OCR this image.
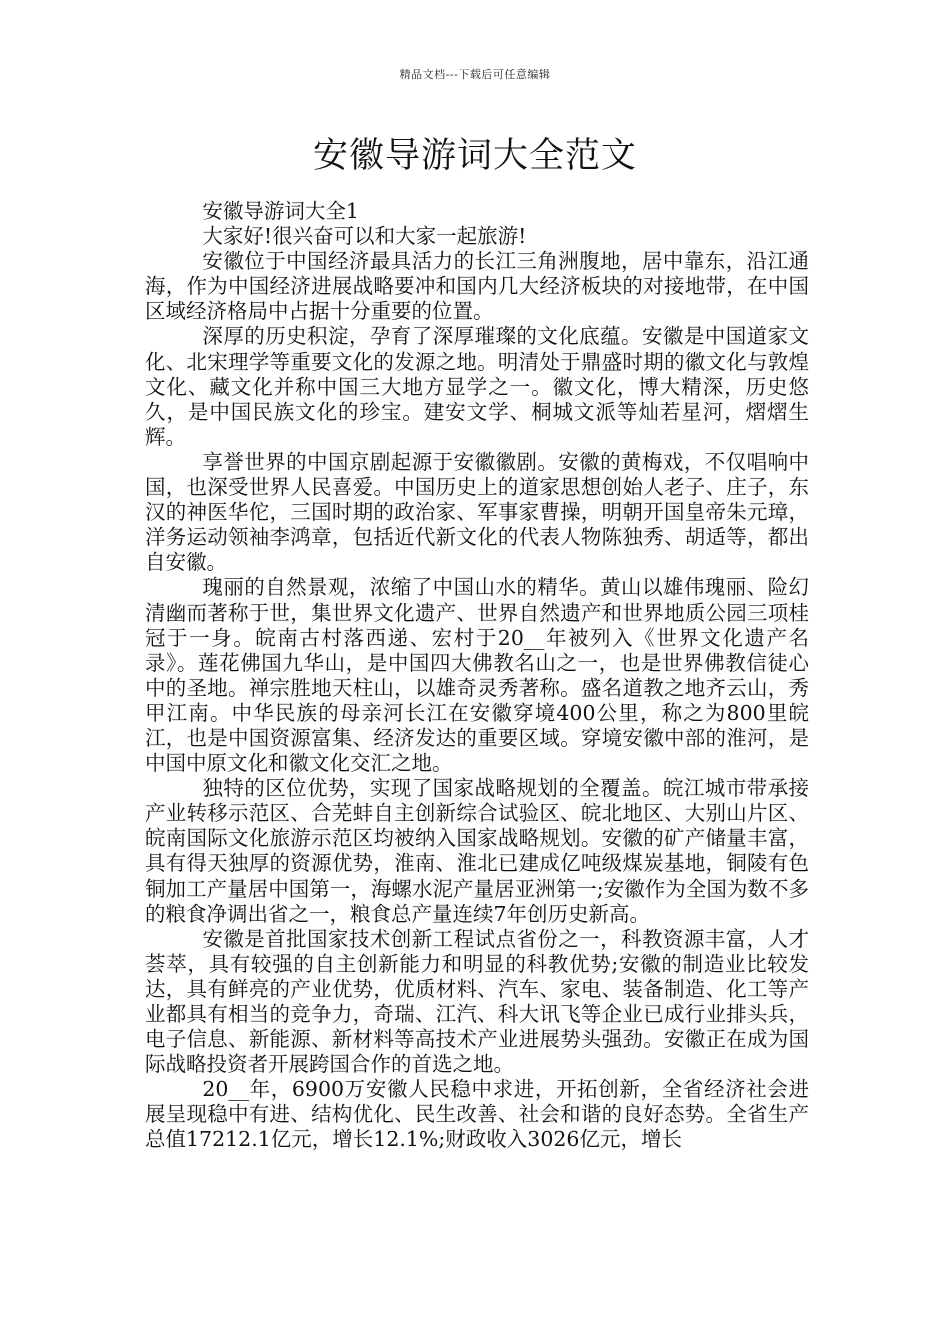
精品文档---下载后可任意编辑
安徽导游词大全范文

安徽导游词大全1

大家好!很兴奋可以和大家一起旅游!

安徽位于中国经济最具活力的长江三角洲腹地，居中靠东，沿江通海，作为中国经济进展战略要冲和国内几大经济板块的对接地带，在中国区域经济格局中占据十分重要的位置。

深厚的历史积淀，孕育了深厚璀璨的文化底蕴。安徽是中国道家文化、北宋理学等重要文化的发源之地。明清处于鼎盛时期的徽文化与敦煌文化、藏文化并称中国三大地方显学之一。徽文化，博大精深，历史悠久，是中国民族文化的珍宝。建安文学、桐城文派等灿若星河，熠熠生辉。

享誉世界的中国京剧起源于安徽徽剧。安徽的黄梅戏，不仅唱响中国，也深受世界人民喜爱。中国历史上的道家思想创始人老子、庄子，东汉的神医华佗，三国时期的政治家、军事家曹操，明朝开国皇帝朱元璋，洋务运动领袖李鸿章，包括近代新文化的代表人物陈独秀、胡适等，都出自安徽。

瑰丽的自然景观，浓缩了中国山水的精华。黄山以雄伟瑰丽、险幻清幽而著称于世，集世界文化遗产、世界自然遗产和世界地质公园三项桂冠于一身。皖南古村落西递、宏村于20__年被列入《世界文化遗产名录》。莲花佛国九华山，是中国四大佛教名山之一，也是世界佛教信徒心中的圣地。禅宗胜地天柱山，以雄奇灵秀著称。盛名道教之地齐云山，秀甲江南。中华民族的母亲河长江在安徽穿境400公里，称之为800里皖江，也是中国资源富集、经济发达的重要区域。穿境安徽中部的淮河，是中国中原文化和徽文化交汇之地。

独特的区位优势，实现了国家战略规划的全覆盖。皖江城市带承接产业转移示范区、合芜蚌自主创新综合试验区、皖北地区、大别山片区、皖南国际文化旅游示范区均被纳入国家战略规划。安徽的矿产储量丰富，具有得天独厚的资源优势，淮南、淮北已建成亿吨级煤炭基地，铜陵有色铜加工产量居中国第一，海螺水泥产量居亚洲第一;安徽作为全国为数不多的粮食净调出省之一，粮食总产量连续7年创历史新高。

安徽是首批国家技术创新工程试点省份之一，科教资源丰富，人才荟萃，具有较强的自主创新能力和明显的科教优势;安徽的制造业比较发达，具有鲜亮的产业优势，优质材料、汽车、家电、装备制造、化工等产业都具有相当的竞争力，奇瑞、江汽、科大讯飞等企业已成行业排头兵，电子信息、新能源、新材料等高技术产业进展势头强劲。安徽正在成为国际战略投资者开展跨国合作的首选之地。

20__年，6900万安徽人民稳中求进，开拓创新，全省经济社会进展呈现稳中有进、结构优化、民生改善、社会和谐的良好态势。全省生产总值17212.1亿元，增长12.1%;财政收入3026亿元，增长
